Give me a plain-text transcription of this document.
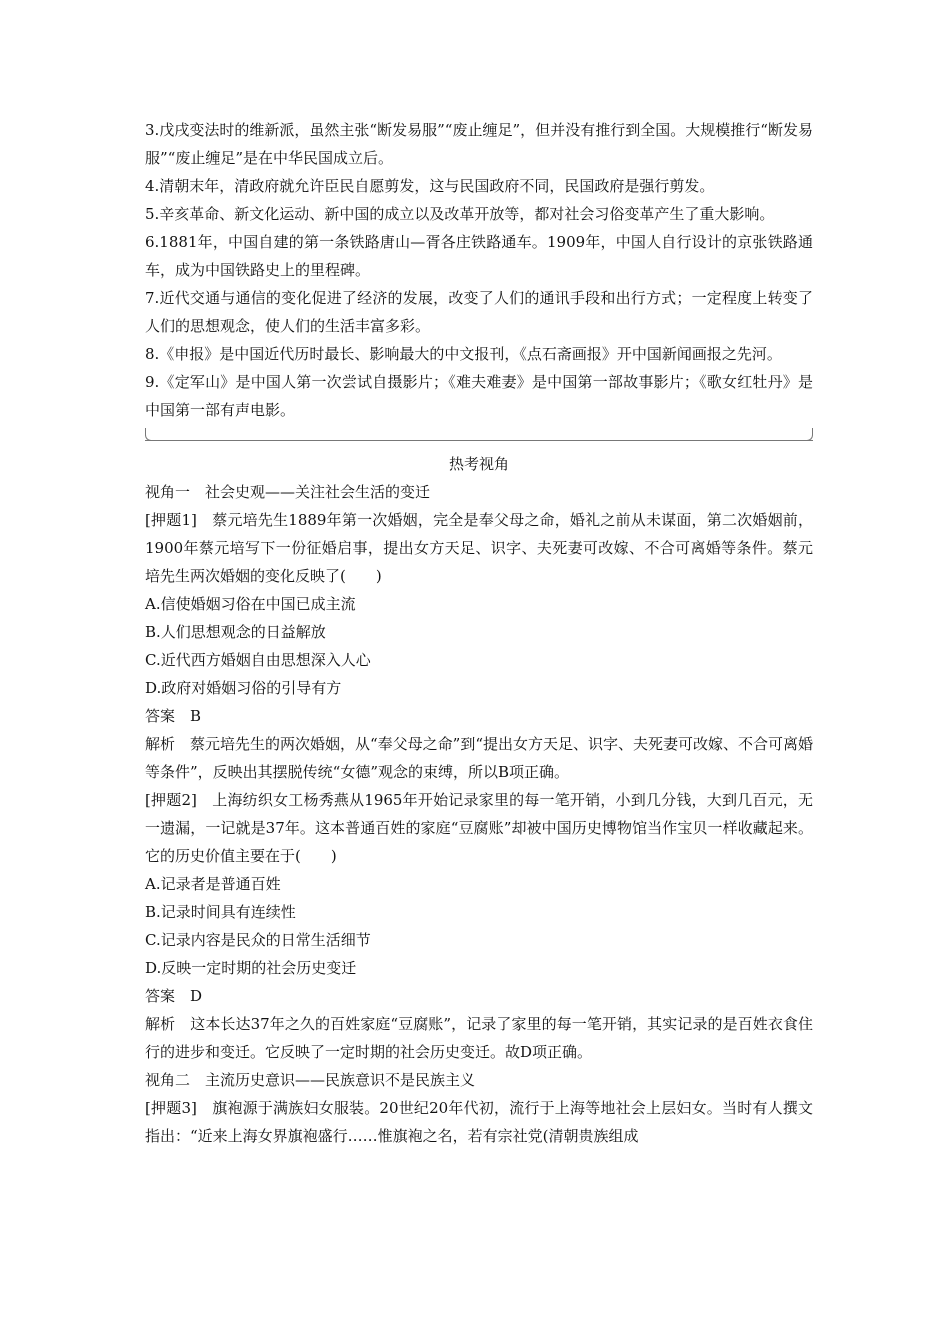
3.戊戌变法时的维新派，虽然主张“断发易服”“废止缠足”，但并没有推行到全国。大规模推行“断发易服”“废止缠足”是在中华民国成立后。

4.清朝末年，清政府就允许臣民自愿剪发，这与民国政府不同，民国政府是强行剪发。

5.辛亥革命、新文化运动、新中国的成立以及改革开放等，都对社会习俗变革产生了重大影响。

6.1881年，中国自建的第一条铁路唐山—胥各庄铁路通车。1909年，中国人自行设计的京张铁路通车，成为中国铁路史上的里程碑。

7.近代交通与通信的变化促进了经济的发展，改变了人们的通讯手段和出行方式；一定程度上转变了人们的思想观念，使人们的生活丰富多彩。

8.《申报》是中国近代历时最长、影响最大的中文报刊，《点石斋画报》开中国新闻画报之先河。

9.《定军山》是中国人第一次尝试自摄影片；《难夫难妻》是中国第一部故事影片；《歌女红牡丹》是中国第一部有声电影。

热考视角

视角一　社会史观——关注社会生活的变迁

[押题1]　蔡元培先生1889年第一次婚姻，完全是奉父母之命，婚礼之前从未谋面，第二次婚姻前，1900年蔡元培写下一份征婚启事，提出女方天足、识字、夫死妻可改嫁、不合可离婚等条件。蔡元培先生两次婚姻的变化反映了(　　)

A.信使婚姻习俗在中国已成主流

B.人们思想观念的日益解放

C.近代西方婚姻自由思想深入人心

D.政府对婚姻习俗的引导有方

答案　B

解析　蔡元培先生的两次婚姻，从“奉父母之命”到“提出女方天足、识字、夫死妻可改嫁、不合可离婚等条件”，反映出其摆脱传统“女德”观念的束缚，所以B项正确。

[押题2]　上海纺织女工杨秀燕从1965年开始记录家里的每一笔开销，小到几分钱，大到几百元，无一遗漏，一记就是37年。这本普通百姓的家庭“豆腐账”却被中国历史博物馆当作宝贝一样收藏起来。它的历史价值主要在于(　　)

A.记录者是普通百姓

B.记录时间具有连续性

C.记录内容是民众的日常生活细节

D.反映一定时期的社会历史变迁

答案　D

解析　这本长达37年之久的百姓家庭“豆腐账”，记录了家里的每一笔开销，其实记录的是百姓衣食住行的进步和变迁。它反映了一定时期的社会历史变迁。故D项正确。

视角二　主流历史意识——民族意识不是民族主义

[押题3]　旗袍源于满族妇女服装。20世纪20年代初，流行于上海等地社会上层妇女。当时有人撰文指出：“近来上海女界旗袍盛行……惟旗袍之名，若有宗社党(清朝贵族组成
